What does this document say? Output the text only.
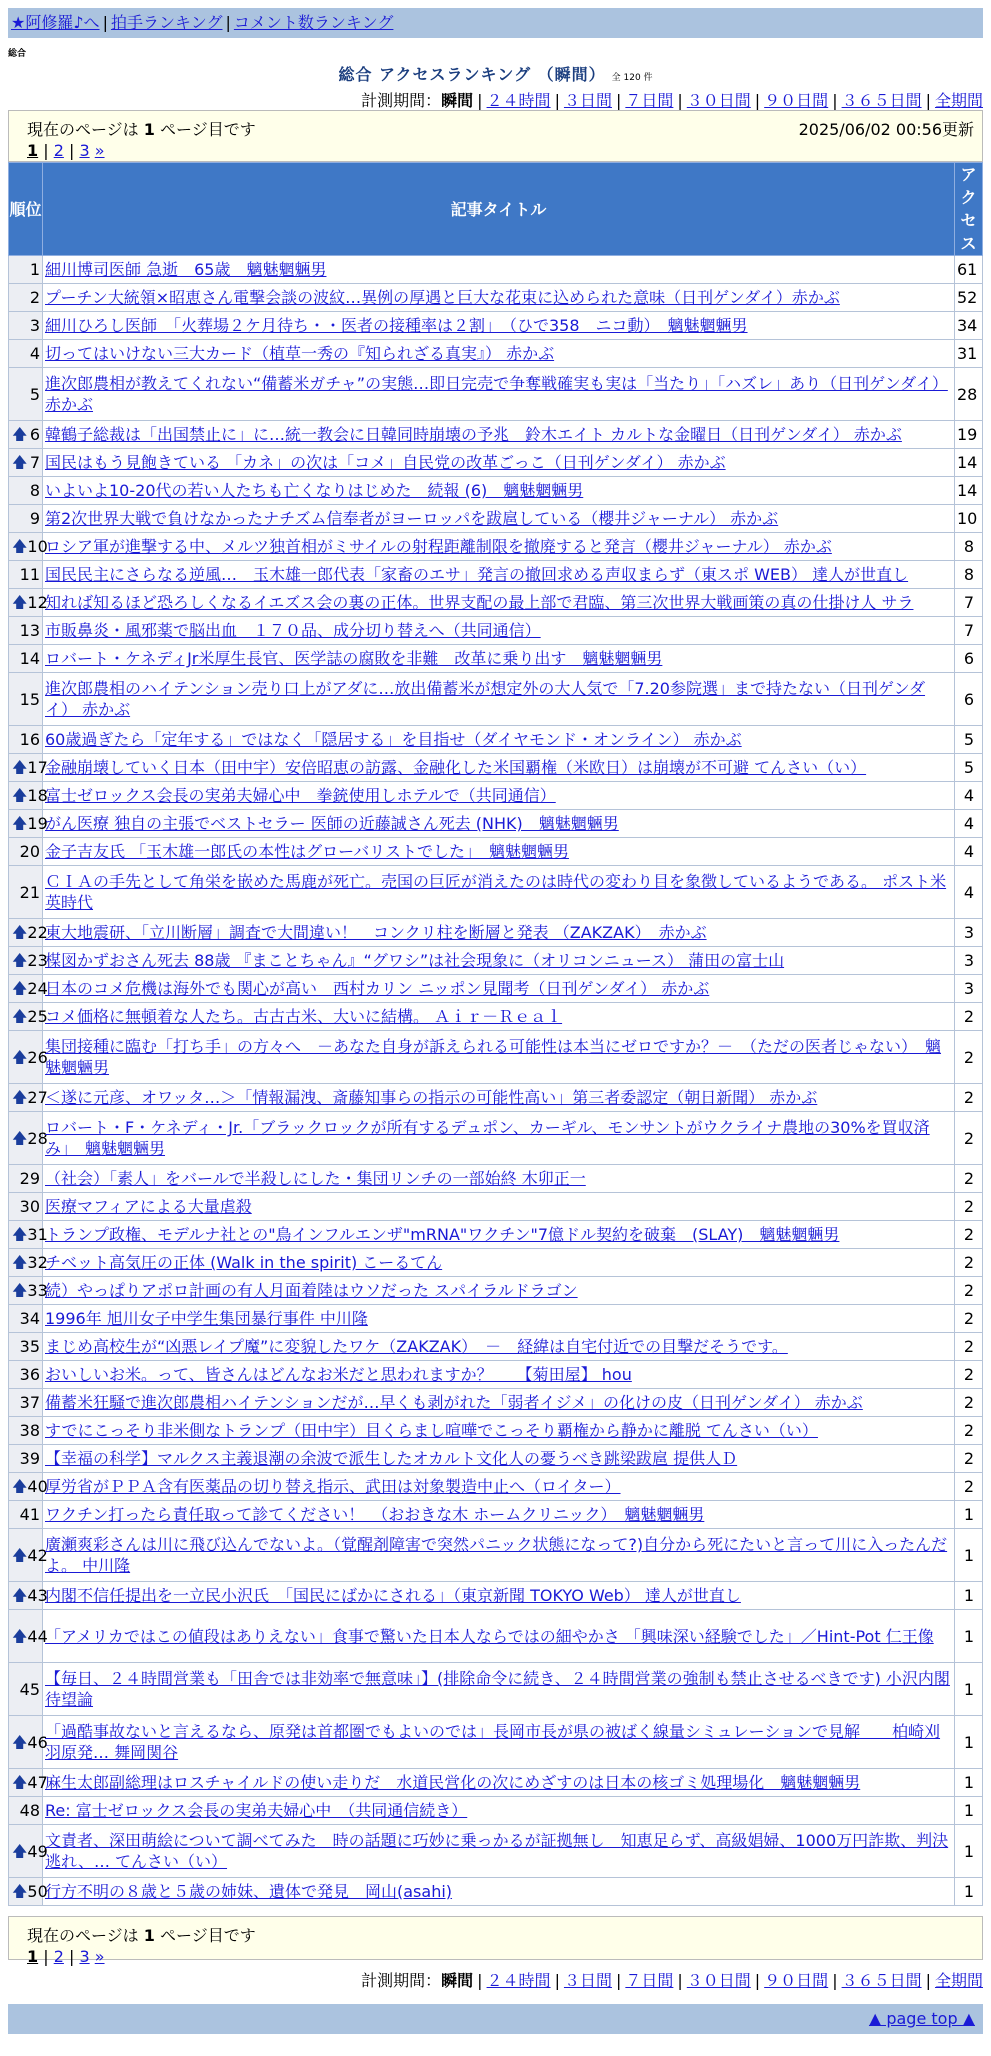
★阿修羅♪へ | 拍手ランキング | コメント数ランキング
総合
総合 アクセスランキング （瞬間） 全 120 件
計測期間：瞬間 | ２４時間 | ３日間 | ７日間 | ３０日間 | ９０日間 | ３６５日間 | 全期間
現在のページは 1 ページ目です	2025/06/02 00:56更新
1 | 2 | 3 »
順位	記事タイトル	アクセス
1	細川博司医師 急逝　65歳　魑魅魍魎男	61
2	プーチン大統領×昭恵さん電撃会談の波紋…異例の厚遇と巨大な花束に込められた意味（日刊ゲンダイ）赤かぶ	52
3	細川ひろし医師　「火葬場２ケ月待ち・・医者の接種率は２割」　（ひで358　ニコ動）　魑魅魍魎男	34
4	切ってはいけない三大カード（植草一秀の『知られざる真実』） 赤かぶ	31
5	進次郎農相が教えてくれない“備蓄米ガチャ”の実態…即日完売で争奪戦確実も実は「当たり」「ハズレ」あり（日刊ゲンダイ） 赤かぶ	28

🡅 6	韓鶴子総裁は「出国禁止に」に…統一教会に日韓同時崩壊の予兆　鈴木エイト カルトな金曜日（日刊ゲンダイ） 赤かぶ	19

🡅 7	国民はもう見飽きている 「カネ」の次は「コメ」自民党の改革ごっこ（日刊ゲンダイ） 赤かぶ	14
8	いよいよ10-20代の若い人たちも亡くなりはじめた　続報 (6)　魑魅魍魎男	14
9	第2次世界大戦で負けなかったナチズム信奉者がヨーロッパを跋扈している（櫻井ジャーナル） 赤かぶ	10

🡅 10	ロシア軍が進撃する中、メルツ独首相がミサイルの射程距離制限を撤廃すると発言（櫻井ジャーナル） 赤かぶ	8
11	国民民主にさらなる逆風…　玉木雄一郎代表「家畜のエサ」発言の撤回求める声収まらず（東スポ WEB） 達人が世直し	8

🡅 12	知れば知るほど恐ろしくなるイエズス会の裏の正体。世界支配の最上部で君臨、第三次世界大戦画策の真の仕掛け人 サラ	7
13	市販鼻炎・風邪薬で脳出血　１７０品、成分切り替えへ（共同通信）	7
14	ロバート・ケネディJr米厚生長官、医学誌の腐敗を非難　改革に乗り出す　魑魅魍魎男	6
15	進次郎農相のハイテンション売り口上がアダに…放出備蓄米が想定外の大人気で「7.20参院選」まで持たない（日刊ゲンダイ） 赤かぶ	6
16	60歳過ぎたら「定年する」ではなく「隠居する」を目指せ（ダイヤモンド・オンライン） 赤かぶ	5

🡅 17	金融崩壊していく日本（田中宇）安倍昭恵の訪露、金融化した米国覇権（米欧日）は崩壊が不可避 てんさい（い）	5

🡅 18	富士ゼロックス会長の実弟夫婦心中　拳銃使用しホテルで（共同通信）	4

🡅 19	がん医療 独自の主張でベストセラー 医師の近藤誠さん死去 (NHK)　魑魅魍魎男	4
20	金子吉友氏 「玉木雄一郎氏の本性はグローバリストでした」　魑魅魍魎男	4
21	ＣＩＡの手先として角栄を嵌めた馬鹿が死亡。売国の巨匠が消えたのは時代の変わり目を象徴しているようである。 ポスト米英時代	4

🡅 22	東大地震研、「立川断層」調査で大間違い！　コンクリ柱を断層と発表 （ZAKZAK）　赤かぶ	3

🡅 23	楳図かずおさん死去 88歳 『まことちゃん』“グワシ”は社会現象に（オリコンニュース） 蒲田の富士山	3

🡅 24	日本のコメ危機は海外でも関心が高い　西村カリン ニッポン見聞考（日刊ゲンダイ） 赤かぶ	3

🡅 25	コメ価格に無頓着な人たち。古古古米、大いに結構。 Ａｉｒ－Ｒｅａｌ	2

🡅 26	集団接種に臨む「打ち手」の方々へ　－あなた自身が訴えられる可能性は本当にゼロですか？－　（ただの医者じゃない）　魑魅魍魎男	2

🡅 27	＜遂に元彦、オワッタ…＞「情報漏洩、斎藤知事らの指示の可能性高い」第三者委認定（朝日新聞） 赤かぶ	2

🡅 28	ロバート・F・ケネディ・Jr.「ブラックロックが所有するデュポン、カーギル、モンサントがウクライナ農地の30%を買収済み」　魑魅魍魎男	2
29	（社会）「素人」をバールで半殺しにした・集団リンチの一部始終 木卯正一	2
30	医療マフィアによる大量虐殺	2

🡅 31	トランプ政権、モデルナ社との"鳥インフルエンザ"mRNA"ワクチン"7億ドル契約を破棄　(SLAY)　魑魅魍魎男	2

🡅 32	チベット高気圧の正体 (Walk in the spirit) こーるてん	2

🡅 33	続）やっぱりアポロ計画の有人月面着陸はウソだった スパイラルドラゴン	2
34	1996年 旭川女子中学生集団暴行事件 中川隆	2
35	まじめ高校生が“凶悪レイプ魔”に変貌したワケ（ZAKZAK）　－　経緯は自宅付近での目撃だそうです。	2
36	おいしいお米。って、皆さんはどんなお米だと思われますか？　　【菊田屋】 hou	2
37	備蓄米狂騒で進次郎農相ハイテンションだが…早くも剥がれた「弱者イジメ」の化けの皮（日刊ゲンダイ） 赤かぶ	2
38	すでにこっそり非米側なトランプ（田中宇）目くらまし喧嘩でこっそり覇権から静かに離脱 てんさい（い）	2
39	【幸福の科学】マルクス主義退潮の余波で派生したオカルト文化人の憂うべき跳梁跋扈 提供人Ｄ	2

🡅 40	厚労省がＰＰＡ含有医薬品の切り替え指示、武田は対象製造中止へ（ロイター）	2
41	ワクチン打ったら責任取って診てください！　（おおきな木 ホームクリニック）　魑魅魍魎男	1

🡅 42	廣瀬爽彩さんは川に飛び込んでないよ。（覚醒剤障害で突然パニック状態になって?)自分から死にたいと言って川に入ったんだよ。 中川隆	1

🡅 43	内閣不信任提出を一立民小沢氏　「国民にばかにされる」（東京新聞 TOKYO Web） 達人が世直し	1

🡅 44	「アメリカではこの値段はありえない」食事で驚いた日本人ならではの細やかさ 「興味深い経験でした」／Hint-Pot 仁王像	1
45	【毎日、２４時間営業も「田舎では非効率で無意味」】(排除命令に続き、２４時間営業の強制も禁止させるべきです) 小沢内閣待望論	1

🡅 46	「過酷事故ないと言えるなら、原発は首都圏でもよいのでは」長岡市長が県の被ばく線量シミュレーションで見解　　柏崎刈羽原発… 舞岡関谷	1

🡅 47	麻生太郎副総理はロスチャイルドの使い走りだ　水道民営化の次にめざすのは日本の核ゴミ処理場化　魑魅魍魎男	1
48	Re: 富士ゼロックス会長の実弟夫婦心中　（共同通信続き）	1

🡅 49	文責者、深田萌絵について調べてみた　時の話題に巧妙に乗っかるが証拠無し　知恵足らず、高級娼婦、1000万円詐欺、判決逃れ、… てんさい（い）	1

🡅 50	行方不明の８歳と５歳の姉妹、遺体で発見　岡山(asahi)	1
現在のページは 1 ページ目です
1 | 2 | 3 »
計測期間：瞬間 | ２４時間 | ３日間 | ７日間 | ３０日間 | ９０日間 | ３６５日間 | 全期間
▲ page top ▲
